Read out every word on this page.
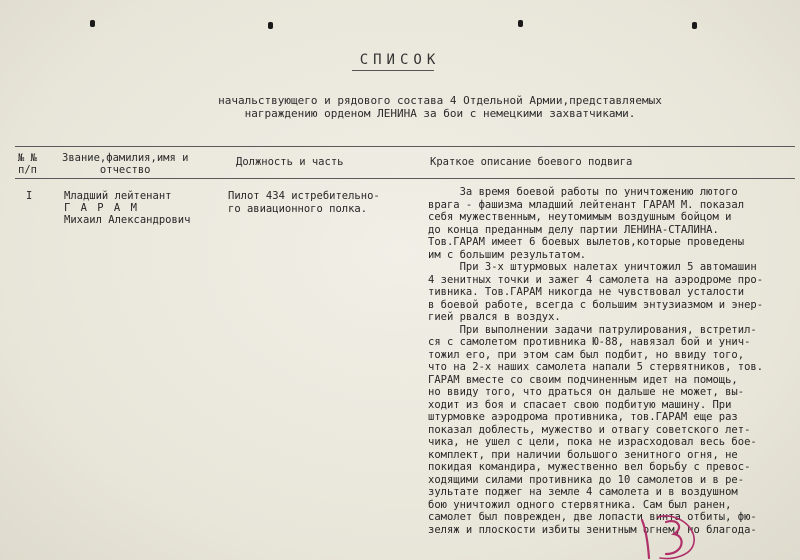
СПИСОК
начальствующего и рядового состава 4 Отдельной Армии,представляемых
награждению орденом ЛЕНИНА за бои с немецкими захватчиками.
№ №
п/п
Звание,фамилия,имя и
отчество
Должность и часть	Краткое описание боевого подвига
I	Младший лейтенант
Г А Р А М
Михаил Александрович
Пилот 434 истребительно-
го авиационного полка.
За время боевой работы по уничтожению лютого
врага - фашизма младший лейтенант ГАРАМ М. показал
себя мужественным, неутомимым воздушным бойцом и
до конца преданным делу партии ЛЕНИНА-СТАЛИНА.
Тов.ГАРАМ имеет 6 боевых вылетов,которые проведены
им с большим результатом.
При 3-х штурмовых налетах уничтожил 5 автомашин
4 зенитных точки и зажег 4 самолета на аэродроме про-
тивника. Тов.ГАРАМ никогда не чувствовал усталости
в боевой работе, всегда с большим энтузиазмом и энер-
гией рвался в воздух.
При выполнении задачи патрулирования, встретил-
ся с самолетом противника Ю-88, навязал бой и унич-
тожил его, при этом сам был подбит, но ввиду того,
что на 2-х наших самолета напали 5 стервятников, тов.
ГАРАМ вместе со своим подчиненным идет на помощь,
но ввиду того, что драться он дальше не может, вы-
ходит из боя и спасает свою подбитую машину. При
штурмовке аэродрома противника, тов.ГАРАМ еще раз
показал доблесть, мужество и отвагу советского лет-
чика, не ушел с цели, пока не израсходовал весь бое-
комплект, при наличии большого зенитного огня, не
покидая командира, мужественно вел борьбу с превос-
ходящими силами противника до 10 самолетов и в ре-
зультате поджег на земле 4 самолета и в воздушном
бою уничтожил одного стервятника. Сам был ранен,
самолет был поврежден, две лопасти винта отбиты, фю-
зеляж и плоскости избиты зенитным огнем, но благода-
